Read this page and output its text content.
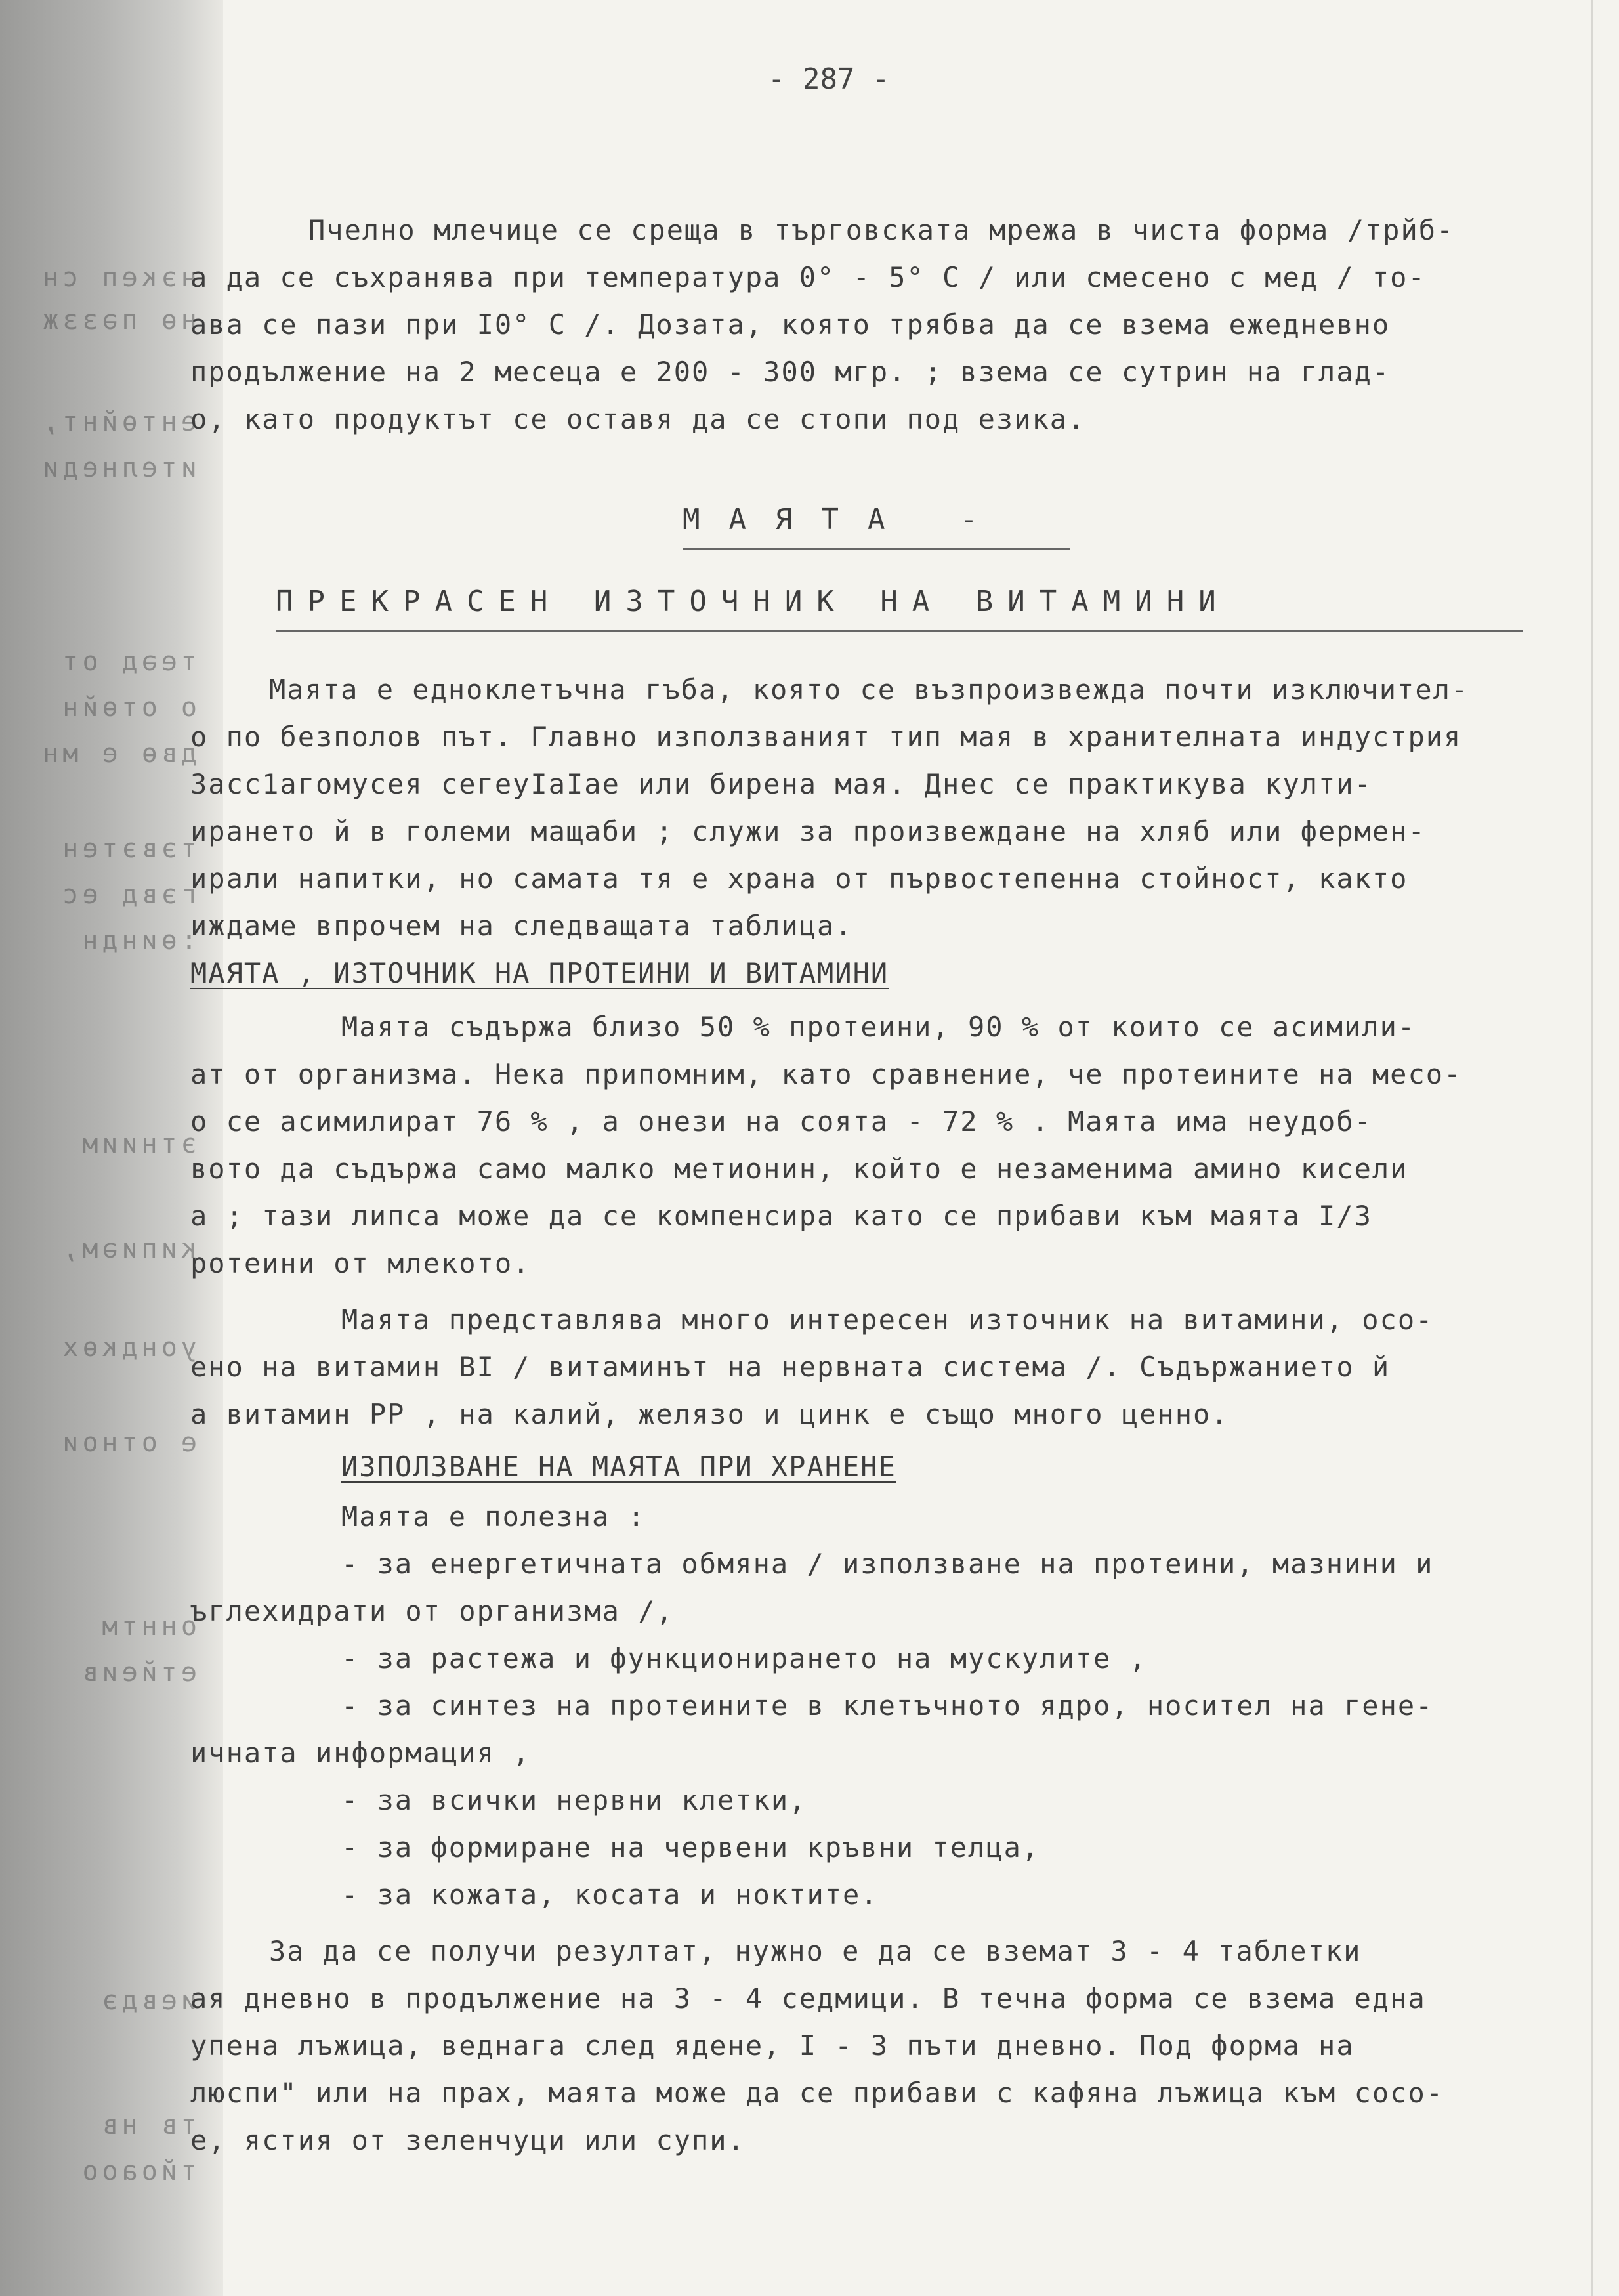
нэкеп сн
нө пәззж
ентөйнт,
ителнеди
теәд от
о отөйн
двө е мн
тэвэтен
гэвд ес
:өиндн
этниим
кипиәм,
уондкөх
е отнои
оннтм
етйеив
иевдэ
тв нв
тйоаоо
- 287 -
Пчелно млечице се среща в търговската мрежа в чиста форма /трйб-
а да се съхранява при температура 0° - 5° С / или смесено с мед / то-
ава се пази при I0° С /. Дозата, която трябва да се взема ежедневно
продължение на 2 месеца е 200 - 300 мгр. ; взема се сутрин на глад-
о, като продуктът се оставя да се стопи под езика.
МАЯТА -
ПРЕКРАСЕН ИЗТОЧНИК НА ВИТАМИНИ
Маята е едноклетъчна гъба, която се възпроизвежда почти изключител-
о по безполов път. Главно използваният тип мая в хранителната индустрия
Засс1агомусея сегеуIаIае или бирена мая. Днес се практикува култи-
ирането й в големи мащаби ; служи за произвеждане на хляб или фермен-
ирали напитки, но самата тя е храна от първостепенна стойност, както
иждаме впрочем на следващата таблица.
МАЯТА , ИЗТОЧНИК НА ПРОТЕИНИ И ВИТАМИНИ
Маята съдържа близо 50 % протеини, 90 % от които се асимили-
ат от организма. Нека припомним, като сравнение, че протеините на месо-
о се асимилират 76 % , а онези на соята - 72 % . Маята има неудоб-
вото да съдържа само малко метионин, който е незаменима амино кисели
а ; тази липса може да се компенсира като се прибави към маята I/3
ротеини от млекото.
Маята представлява много интересен източник на витамини, осо-
ено на витамин BI / витаминът на нервната система /. Съдържанието й
а витамин РР , на калий, желязо и цинк е също много ценно.
ИЗПОЛЗВАНЕ НА МАЯТА ПРИ ХРАНЕНЕ
Маята е полезна :
- за енергетичната обмяна / използване на протеини, мазнини и
ъглехидрати от организма /,
- за растежа и функционирането на мускулите ,
- за синтез на протеините в клетъчното ядро, носител на гене-
ичната информация ,
- за всички нервни клетки,
- за формиране на червени кръвни телца,
- за кожата, косата и ноктите.
За да се получи резултат, нужно е да се вземат 3 - 4 таблетки
ая дневно в продължение на 3 - 4 седмици. В течна форма се взема една
упена лъжица, веднага след ядене, I - 3 пъти дневно. Под форма на
люспи" или на прах, маята може да се прибави с кафяна лъжица към сосо-
е, ястия от зеленчуци или супи.
